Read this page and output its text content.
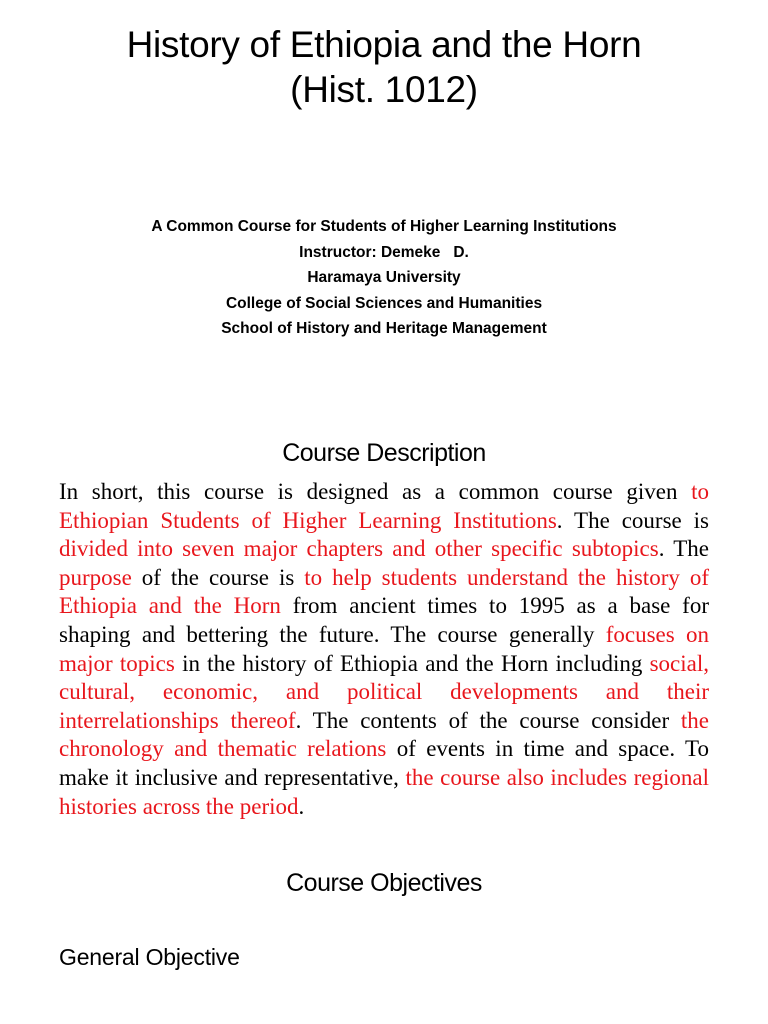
History of Ethiopia and the Horn
(Hist. 1012)
A Common Course for Students of Higher Learning Institutions
Instructor: Demeke   D.
Haramaya University
College of Social Sciences and Humanities
School of History and Heritage Management
Course Description

In short, this course is designed as a common course given to Ethiopian Students of Higher Learning Institutions. The course is divided into seven major chapters and other specific subtopics. The purpose of the course is to help students understand the history of Ethiopia and the Horn from ancient times to 1995 as a base for shaping and bettering the future. The course generally focuses on major topics in the history of Ethiopia and the Horn including social, cultural, economic, and political developments and their interrelationships thereof. The contents of the course consider the chronology and thematic relations of events in time and space. To make it inclusive and representative, the course also includes regional histories across the period.

Course Objectives
General Objective
